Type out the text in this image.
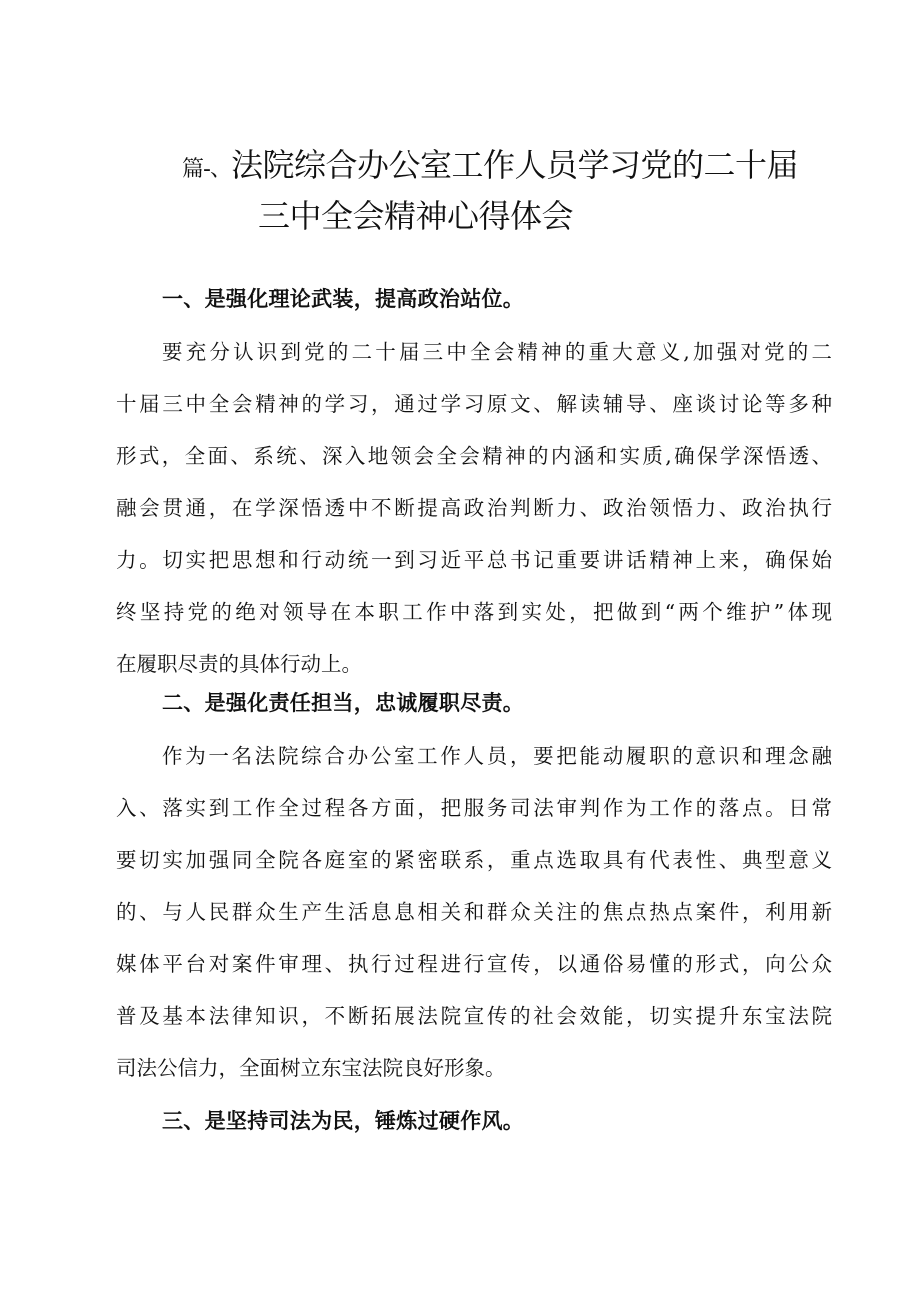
篇-、法院综合办公室工作人员学习党的二十届
三中全会精神心得体会
一、是强化理论武装，提高政治站位。
要充分认识到党的二十届三中全会精神的重大意义,加强对党的二
十届三中全会精神的学习，通过学习原文、解读辅导、座谈讨论等多种
形式，全面、系统、深入地领会全会精神的内涵和实质,确保学深悟透、
融会贯通，在学深悟透中不断提高政治判断力、政治领悟力、政治执行
力。切实把思想和行动统一到习近平总书记重要讲话精神上来，确保始
终坚持党的绝对领导在本职工作中落到实处，把做到“两个维护”体现
在履职尽责的具体行动上。
二、是强化责任担当，忠诚履职尽责。
作为一名法院综合办公室工作人员，要把能动履职的意识和理念融
入、落实到工作全过程各方面，把服务司法审判作为工作的落点。日常
要切实加强同全院各庭室的紧密联系，重点选取具有代表性、典型意义
的、与人民群众生产生活息息相关和群众关注的焦点热点案件，利用新
媒体平台对案件审理、执行过程进行宣传，以通俗易懂的形式，向公众
普及基本法律知识，不断拓展法院宣传的社会效能，切实提升东宝法院
司法公信力，全面树立东宝法院良好形象。
三、是坚持司法为民，锤炼过硬作风。
